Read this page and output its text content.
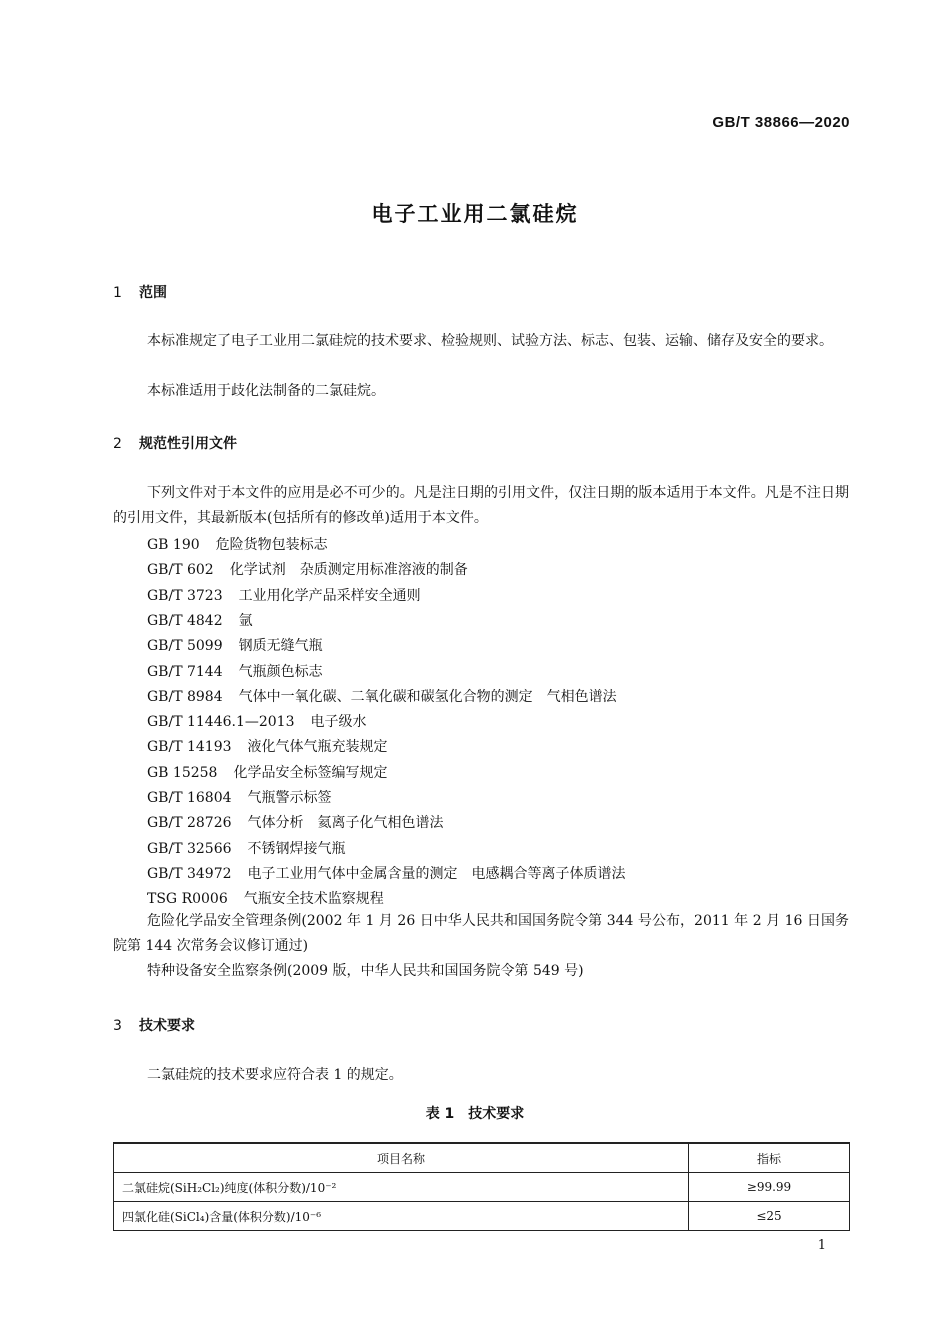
GB/T 38866—2020
电子工业用二氯硅烷
1 范围

本标准规定了电子工业用二氯硅烷的技术要求、检验规则、试验方法、标志、包装、运输、储存及安全的要求。

本标准适用于歧化法制备的二氯硅烷。

2 规范性引用文件

下列文件对于本文件的应用是必不可少的。凡是注日期的引用文件，仅注日期的版本适用于本文件。凡是不注日期的引用文件，其最新版本(包括所有的修改单)适用于本文件。

GB 190 危险货物包装标志
GB/T 602 化学试剂　杂质测定用标准溶液的制备
GB/T 3723 工业用化学产品采样安全通则
GB/T 4842 氩
GB/T 5099 钢质无缝气瓶
GB/T 7144 气瓶颜色标志
GB/T 8984 气体中一氧化碳、二氧化碳和碳氢化合物的测定　气相色谱法
GB/T 11446.1—2013 电子级水
GB/T 14193 液化气体气瓶充装规定
GB 15258 化学品安全标签编写规定
GB/T 16804 气瓶警示标签
GB/T 28726 气体分析　氦离子化气相色谱法
GB/T 32566 不锈钢焊接气瓶
GB/T 34972 电子工业用气体中金属含量的测定　电感耦合等离子体质谱法
TSG R0006 气瓶安全技术监察规程

危险化学品安全管理条例(2002 年 1 月 26 日中华人民共和国国务院令第 344 号公布，2011 年 2 月 16 日国务院第 144 次常务会议修订通过)

特种设备安全监察条例(2009 版，中华人民共和国国务院令第 549 号)

3 技术要求

二氯硅烷的技术要求应符合表 1 的规定。

表 1　技术要求
项目名称	指标
二氯硅烷(SiH₂Cl₂)纯度(体积分数)/10⁻²	≥99.99
四氯化硅(SiCl₄)含量(体积分数)/10⁻⁶	≤25
1
